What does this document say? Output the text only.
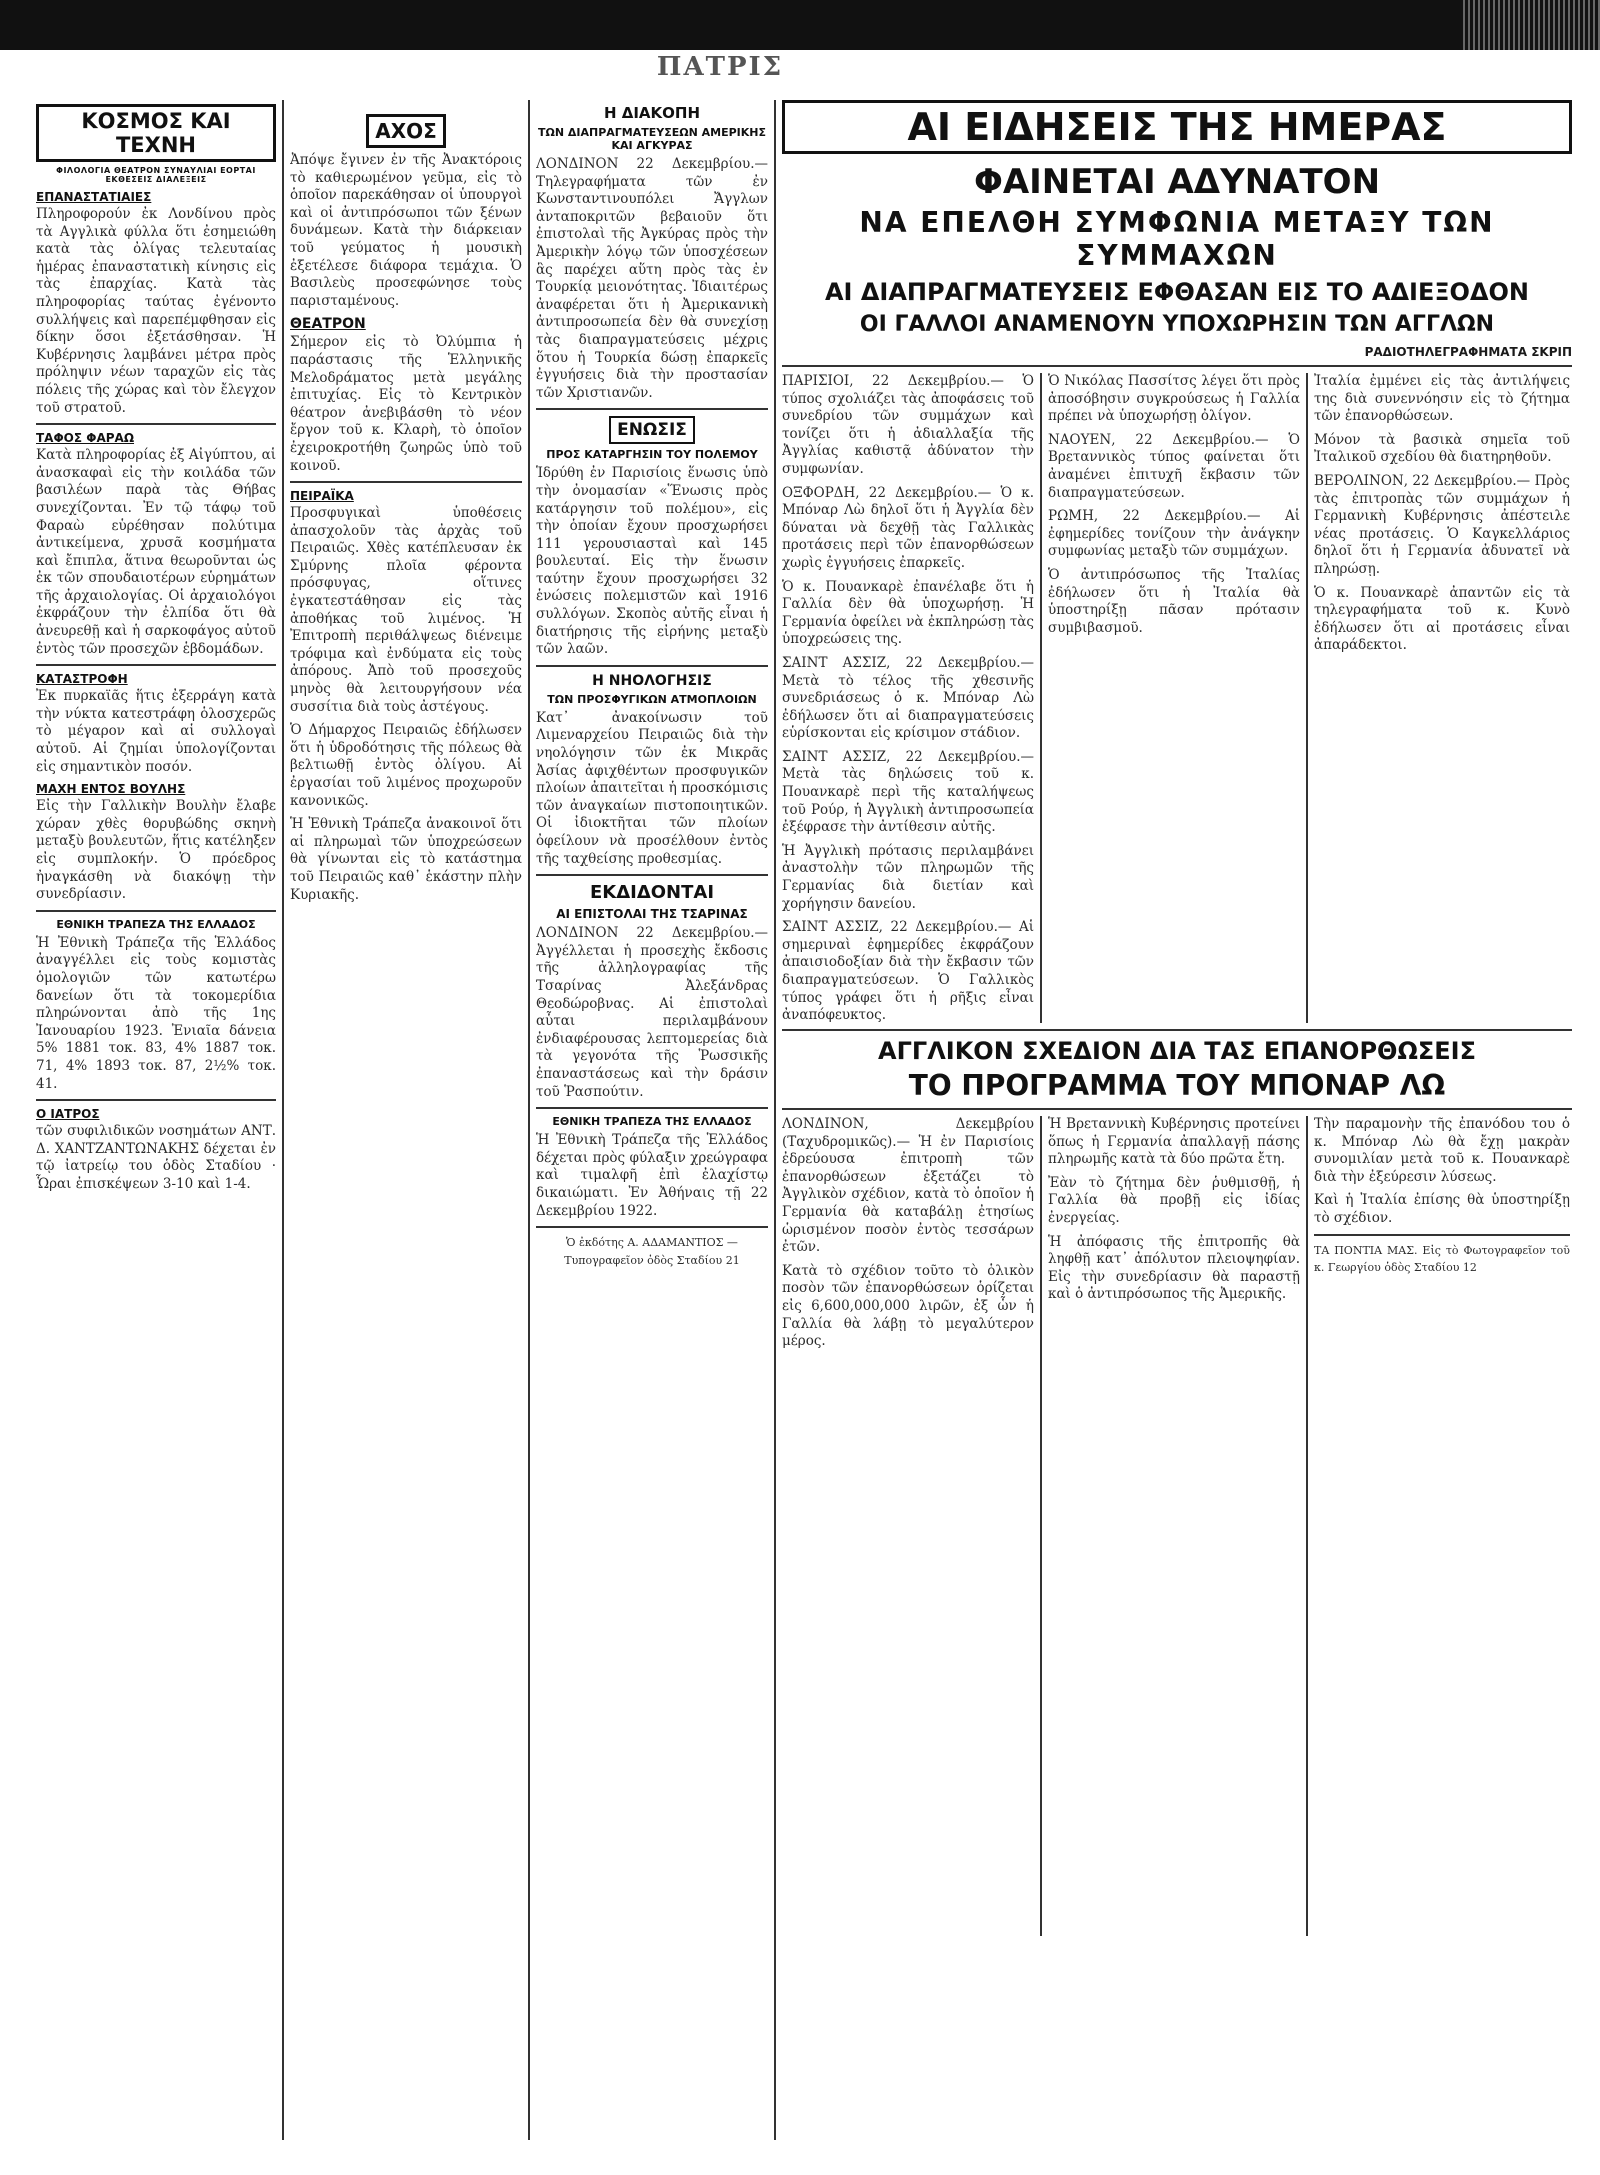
ΠΑΤΡΙΣ
ΚΟΣΜΟΣ ΚΑΙ ΤΕΧΝΗ
ΦΙΛΟΛΟΓΙΑ ΘΕΑΤΡΟΝ ΣΥΝΑΥΛΙΑΙ ΕΟΡΤΑΙ ΕΚΘΕΣΕΙΣ ΔΙΑΛΕΞΕΙΣ
ΕΠΑΝΑΣΤΑΤΙΑΙΕΣ

Πληροφορούν ἐκ Λονδίνου πρὸς τὰ Αγγλικὰ φύλλα ὅτι ἐσημειώθη κατὰ τὰς ὀλίγας τελευταίας ἡμέρας ἐπαναστατικὴ κίνησις εἰς τὰς ἐπαρχίας. Κατὰ τὰς πληροφορίας ταύτας ἐγένοντο συλλήψεις καὶ παρεπέμφθησαν εἰς δίκην ὅσοι ἐξετάσθησαν. Ἡ Κυβέρνησις λαμβάνει μέτρα πρὸς πρόληψιν νέων ταραχῶν εἰς τὰς πόλεις τῆς χώρας καὶ τὸν ἔλεγχον τοῦ στρατοῦ.

ΤΑΦΟΣ ΦΑΡΑΩ

Κατὰ πληροφορίας ἐξ Αἰγύπτου, αἱ ἀνασκαφαὶ εἰς τὴν κοιλάδα τῶν βασιλέων παρὰ τὰς Θήβας συνεχίζονται. Ἐν τῷ τάφῳ τοῦ Φαραὼ εὑρέθησαν πολύτιμα ἀντικείμενα, χρυσᾶ κοσμήματα καὶ ἔπιπλα, ἅτινα θεωροῦνται ὡς ἐκ τῶν σπουδαιοτέρων εὑρημάτων τῆς ἀρχαιολογίας. Οἱ ἀρχαιολόγοι ἐκφράζουν τὴν ἐλπίδα ὅτι θὰ ἀνευρεθῇ καὶ ἡ σαρκοφάγος αὐτοῦ ἐντὸς τῶν προσεχῶν ἑβδομάδων.

ΚΑΤΑΣΤΡΟΦΗ

Ἐκ πυρκαϊᾶς ἥτις ἐξερράγη κατὰ τὴν νύκτα κατεστράφη ὁλοσχερῶς τὸ μέγαρον καὶ αἱ συλλογαὶ αὐτοῦ. Αἱ ζημίαι ὑπολογίζονται εἰς σημαντικὸν ποσόν.

ΜΑΧΗ ΕΝΤΟΣ ΒΟΥΛΗΣ

Εἰς τὴν Γαλλικὴν Βουλὴν ἔλαβε χώραν χθὲς θορυβώδης σκηνὴ μεταξὺ βουλευτῶν, ἥτις κατέληξεν εἰς συμπλοκήν. Ὁ πρόεδρος ἠναγκάσθη νὰ διακόψῃ τὴν συνεδρίασιν.

ΕΘΝΙΚΗ ΤΡΑΠΕΖΑ ΤΗΣ ΕΛΛΑΔΟΣ

Ἡ Ἐθνικὴ Τράπεζα τῆς Ἑλλάδος ἀναγγέλλει εἰς τοὺς κομιστὰς ὁμολογιῶν τῶν κατωτέρω δανείων ὅτι τὰ τοκομερίδια πληρώνονται ἀπὸ τῆς 1ης Ἰανουαρίου 1923. Ἐνιαῖα δάνεια 5% 1881 τοκ. 83, 4% 1887 τοκ. 71, 4% 1893 τοκ. 87, 2½% τοκ. 41.

Ο ΙΑΤΡΟΣ

τῶν συφιλιδικῶν νοσημάτων ΑΝΤ. Δ. ΧΑΝΤΖΑΝΤΩΝΑΚΗΣ δέχεται ἐν τῷ ἰατρείῳ του ὁδὸς Σταδίου · Ὧραι ἐπισκέψεων 3-10 καὶ 1-4.

ΑΧΟΣ

Ἀπόψε ἔγινεν ἐν τῆς Ἀνακτόροις τὸ καθιερωμένον γεῦμα, εἰς τὸ ὁποῖον παρεκάθησαν οἱ ὑπουργοὶ καὶ οἱ ἀντιπρόσωποι τῶν ξένων δυνάμεων. Κατὰ τὴν διάρκειαν τοῦ γεύματος ἡ μουσικὴ ἐξετέλεσε διάφορα τεμάχια. Ὁ Βασιλεὺς προσεφώνησε τοὺς παρισταμένους.

ΘΕΑΤΡΟΝ

Σήμερον εἰς τὸ Ὀλύμπια ἡ παράστασις τῆς Ἑλληνικῆς Μελοδράματος μετὰ μεγάλης ἐπιτυχίας. Εἰς τὸ Κεντρικὸν θέατρον ἀνεβιβάσθη τὸ νέον ἔργον τοῦ κ. Κλαρὴ, τὸ ὁποῖον ἐχειροκροτήθη ζωηρῶς ὑπὸ τοῦ κοινοῦ.

ΠΕΙΡΑΪΚΑ

Προσφυγικαὶ ὑποθέσεις ἀπασχολοῦν τὰς ἀρχὰς τοῦ Πειραιῶς. Χθὲς κατέπλευσαν ἐκ Σμύρνης πλοῖα φέροντα πρόσφυγας, οἵτινες ἐγκατεστάθησαν εἰς τὰς ἀποθήκας τοῦ λιμένος. Ἡ Ἐπιτροπὴ περιθάλψεως διένειμε τρόφιμα καὶ ἐνδύματα εἰς τοὺς ἀπόρους. Ἀπὸ τοῦ προσεχοῦς μηνὸς θὰ λειτουργήσουν νέα συσσίτια διὰ τοὺς ἀστέγους.

Ὁ Δήμαρχος Πειραιῶς ἐδήλωσεν ὅτι ἡ ὑδροδότησις τῆς πόλεως θὰ βελτιωθῇ ἐντὸς ὀλίγου. Αἱ ἐργασίαι τοῦ λιμένος προχωροῦν κανονικῶς.

Ἡ Ἐθνικὴ Τράπεζα ἀνακοινοῖ ὅτι αἱ πληρωμαὶ τῶν ὑποχρεώσεων θὰ γίνωνται εἰς τὸ κατάστημα τοῦ Πειραιῶς καθ᾽ ἑκάστην πλὴν Κυριακῆς.

Η ΔΙΑΚΟΠΗ
ΤΩΝ ΔΙΑΠΡΑΓΜΑΤΕΥΣΕΩΝ ΑΜΕΡΙΚΗΣ ΚΑΙ ΑΓΚΥΡΑΣ

ΛΟΝΔΙΝΟΝ 22 Δεκεμβρίου.— Τηλεγραφήματα τῶν ἐν Κωνσταντινουπόλει Ἄγγλων ἀνταποκριτῶν βεβαιοῦν ὅτι ἐπιστολαὶ τῆς Ἀγκύρας πρὸς τὴν Ἀμερικὴν λόγῳ τῶν ὑποσχέσεων ἃς παρέχει αὕτη πρὸς τὰς ἐν Τουρκίᾳ μειονότητας. Ἰδιαιτέρως ἀναφέρεται ὅτι ἡ Ἀμερικανικὴ ἀντιπροσωπεία δὲν θὰ συνεχίσῃ τὰς διαπραγματεύσεις μέχρις ὅτου ἡ Τουρκία δώσῃ ἐπαρκεῖς ἐγγυήσεις διὰ τὴν προστασίαν τῶν Χριστιανῶν.

ΕΝΩΣΙΣ
ΠΡΟΣ ΚΑΤΑΡΓΗΣΙΝ ΤΟΥ ΠΟΛΕΜΟΥ

Ἱδρύθη ἐν Παρισίοις ἕνωσις ὑπὸ τὴν ὀνομασίαν «Ἕνωσις πρὸς κατάργησιν τοῦ πολέμου», εἰς τὴν ὁποίαν ἔχουν προσχωρήσει 111 γερουσιασταὶ καὶ 145 βουλευταί. Εἰς τὴν ἕνωσιν ταύτην ἔχουν προσχωρήσει 32 ἑνώσεις πολεμιστῶν καὶ 1916 συλλόγων. Σκοπὸς αὐτῆς εἶναι ἡ διατήρησις τῆς εἰρήνης μεταξὺ τῶν λαῶν.

Η ΝΗΟΛΟΓΗΣΙΣ
ΤΩΝ ΠΡΟΣΦΥΓΙΚΩΝ ΑΤΜΟΠΛΟΙΩΝ

Κατ᾽ ἀνακοίνωσιν τοῦ Λιμεναρχείου Πειραιῶς διὰ τὴν νηολόγησιν τῶν ἐκ Μικρᾶς Ἀσίας ἀφιχθέντων προσφυγικῶν πλοίων ἀπαιτεῖται ἡ προσκόμισις τῶν ἀναγκαίων πιστοποιητικῶν. Οἱ ἰδιοκτῆται τῶν πλοίων ὀφείλουν νὰ προσέλθουν ἐντὸς τῆς ταχθείσης προθεσμίας.

ΕΚΔΙΔΟΝΤΑΙ
ΑΙ ΕΠΙΣΤΟΛΑΙ ΤΗΣ ΤΣΑΡΙΝΑΣ

ΛΟΝΔΙΝΟΝ 22 Δεκεμβρίου.— Ἀγγέλλεται ἡ προσεχὴς ἔκδοσις τῆς ἀλληλογραφίας τῆς Τσαρίνας Ἀλεξάνδρας Θεοδώροβνας. Αἱ ἐπιστολαὶ αὗται περιλαμβάνουν ἐνδιαφέρουσας λεπτομερείας διὰ τὰ γεγονότα τῆς Ῥωσσικῆς ἐπαναστάσεως καὶ τὴν δράσιν τοῦ Ῥασπούτιν.

ΕΘΝΙΚΗ ΤΡΑΠΕΖΑ ΤΗΣ ΕΛΛΑΔΟΣ

Ἡ Ἐθνικὴ Τράπεζα τῆς Ἑλλάδος δέχεται πρὸς φύλαξιν χρεώγραφα καὶ τιμαλφῆ ἐπὶ ἐλαχίστῳ δικαιώματι. Ἐν Ἀθήναις τῇ 22 Δεκεμβρίου 1922.

Ὁ ἐκδότης Α. ΑΔΑΜΑΝΤΙΟΣ — Τυπογραφεῖον ὁδὸς Σταδίου 21

ΑΙ ΕΙΔΗΣΕΙΣ ΤΗΣ ΗΜΕΡΑΣ
ΦΑΙΝΕΤΑΙ ΑΔΥΝΑΤΟΝ
ΝΑ ΕΠΕΛΘΗ ΣΥΜΦΩΝΙΑ ΜΕΤΑΞΥ ΤΩΝ ΣΥΜΜΑΧΩΝ
ΑΙ ΔΙΑΠΡΑΓΜΑΤΕΥΣΕΙΣ ΕΦΘΑΣΑΝ ΕΙΣ ΤΟ ΑΔΙΕΞΟΔΟΝ
ΟΙ ΓΑΛΛΟΙ ΑΝΑΜΕΝΟΥΝ ΥΠΟΧΩΡΗΣΙΝ ΤΩΝ ΑΓΓΛΩΝ
ΡΑΔΙΟΤΗΛΕΓΡΑΦΗΜΑΤΑ ΣΚΡΙΠ

ΠΑΡΙΣΙΟΙ, 22 Δεκεμβρίου.— Ὁ τύπος σχολιάζει τὰς ἀποφάσεις τοῦ συνεδρίου τῶν συμμάχων καὶ τονίζει ὅτι ἡ ἀδιαλλαξία τῆς Ἀγγλίας καθιστᾷ ἀδύνατον τὴν συμφωνίαν.

ΟΞΦΟΡΔΗ, 22 Δεκεμβρίου.— Ὁ κ. Μπόναρ Λὼ δηλοῖ ὅτι ἡ Ἀγγλία δὲν δύναται νὰ δεχθῇ τὰς Γαλλικὰς προτάσεις περὶ τῶν ἐπανορθώσεων χωρὶς ἐγγυήσεις ἐπαρκεῖς.

Ὁ κ. Πουανκαρὲ ἐπανέλαβε ὅτι ἡ Γαλλία δὲν θὰ ὑποχωρήσῃ. Ἡ Γερμανία ὀφείλει νὰ ἐκπληρώσῃ τὰς ὑποχρεώσεις της.

ΣΑΙΝΤ ΑΣΣΙΖ, 22 Δεκεμβρίου.— Μετὰ τὸ τέλος τῆς χθεσινῆς συνεδριάσεως ὁ κ. Μπόναρ Λὼ ἐδήλωσεν ὅτι αἱ διαπραγματεύσεις εὑρίσκονται εἰς κρίσιμον στάδιον.

ΣΑΙΝΤ ΑΣΣΙΖ, 22 Δεκεμβρίου.— Μετὰ τὰς δηλώσεις τοῦ κ. Πουανκαρὲ περὶ τῆς καταλήψεως τοῦ Ρούρ, ἡ Ἀγγλικὴ ἀντιπροσωπεία ἐξέφρασε τὴν ἀντίθεσιν αὐτῆς.

Ἡ Ἀγγλικὴ πρότασις περιλαμβάνει ἀναστολὴν τῶν πληρωμῶν τῆς Γερμανίας διὰ διετίαν καὶ χορήγησιν δανείου.

ΣΑΙΝΤ ΑΣΣΙΖ, 22 Δεκεμβρίου.— Αἱ σημεριναὶ ἐφημερίδες ἐκφράζουν ἀπαισιοδοξίαν διὰ τὴν ἔκβασιν τῶν διαπραγματεύσεων. Ὁ Γαλλικὸς τύπος γράφει ὅτι ἡ ρῆξις εἶναι ἀναπόφευκτος.

Ὁ Νικόλας Πασσίτσς λέγει ὅτι πρὸς ἀποσόβησιν συγκρούσεως ἡ Γαλλία πρέπει νὰ ὑποχωρήσῃ ὀλίγον.

ΝΑΟΥΕΝ, 22 Δεκεμβρίου.— Ὁ Βρεταννικὸς τύπος φαίνεται ὅτι ἀναμένει ἐπιτυχῆ ἔκβασιν τῶν διαπραγματεύσεων.

ΡΩΜΗ, 22 Δεκεμβρίου.— Αἱ ἐφημερίδες τονίζουν τὴν ἀνάγκην συμφωνίας μεταξὺ τῶν συμμάχων.

Ὁ ἀντιπρόσωπος τῆς Ἰταλίας ἐδήλωσεν ὅτι ἡ Ἰταλία θὰ ὑποστηρίξῃ πᾶσαν πρότασιν συμβιβασμοῦ.

Ἰταλία ἐμμένει εἰς τὰς ἀντιλήψεις της διὰ συνεννόησιν εἰς τὸ ζήτημα τῶν ἐπανορθώσεων.

Μόνον τὰ βασικὰ σημεῖα τοῦ Ἰταλικοῦ σχεδίου θὰ διατηρηθοῦν.

ΒΕΡΟΛΙΝΟΝ, 22 Δεκεμβρίου.— Πρὸς τὰς ἐπιτροπὰς τῶν συμμάχων ἡ Γερμανικὴ Κυβέρνησις ἀπέστειλε νέας προτάσεις. Ὁ Καγκελλάριος δηλοῖ ὅτι ἡ Γερμανία ἀδυνατεῖ νὰ πληρώσῃ.

Ὁ κ. Πουανκαρὲ ἀπαντῶν εἰς τὰ τηλεγραφήματα τοῦ κ. Κυνὸ ἐδήλωσεν ὅτι αἱ προτάσεις εἶναι ἀπαράδεκτοι.

ΑΓΓΛΙΚΟΝ ΣΧΕΔΙΟΝ ΔΙΑ ΤΑΣ ΕΠΑΝΟΡΘΩΣΕΙΣ
ΤΟ ΠΡΟΓΡΑΜΜΑ ΤΟΥ ΜΠΟΝΑΡ ΛΩ

ΛΟΝΔΙΝΟΝ, Δεκεμβρίου (Ταχυδρομικῶς).— Ἡ ἐν Παρισίοις ἐδρεύουσα ἐπιτροπὴ τῶν ἐπανορθώσεων ἐξετάζει τὸ Ἀγγλικὸν σχέδιον, κατὰ τὸ ὁποῖον ἡ Γερμανία θὰ καταβάλῃ ἐτησίως ὡρισμένον ποσὸν ἐντὸς τεσσάρων ἐτῶν.

Κατὰ τὸ σχέδιον τοῦτο τὸ ὁλικὸν ποσὸν τῶν ἐπανορθώσεων ὁρίζεται εἰς 6,600,000,000 λιρῶν, ἐξ ὧν ἡ Γαλλία θὰ λάβῃ τὸ μεγαλύτερον μέρος.

Ἡ Βρεταννικὴ Κυβέρνησις προτείνει ὅπως ἡ Γερμανία ἀπαλλαγῇ πάσης πληρωμῆς κατὰ τὰ δύο πρῶτα ἔτη.

Ἐὰν τὸ ζήτημα δὲν ῥυθμισθῇ, ἡ Γαλλία θὰ προβῇ εἰς ἰδίας ἐνεργείας.

Ἡ ἀπόφασις τῆς ἐπιτροπῆς θὰ ληφθῇ κατ᾽ ἀπόλυτον πλειοψηφίαν. Εἰς τὴν συνεδρίασιν θὰ παραστῇ καὶ ὁ ἀντιπρόσωπος τῆς Ἀμερικῆς.

Τὴν παραμονὴν τῆς ἐπανόδου του ὁ κ. Μπόναρ Λὼ θὰ ἔχῃ μακρὰν συνομιλίαν μετὰ τοῦ κ. Πουανκαρὲ διὰ τὴν ἐξεύρεσιν λύσεως.

Καὶ ἡ Ἰταλία ἐπίσης θὰ ὑποστηρίξῃ τὸ σχέδιον.

ΤΑ ΠΟΝΤΙΑ ΜΑΣ. Εἰς τὸ Φωτογραφεῖον τοῦ κ. Γεωργίου ὁδὸς Σταδίου 12
